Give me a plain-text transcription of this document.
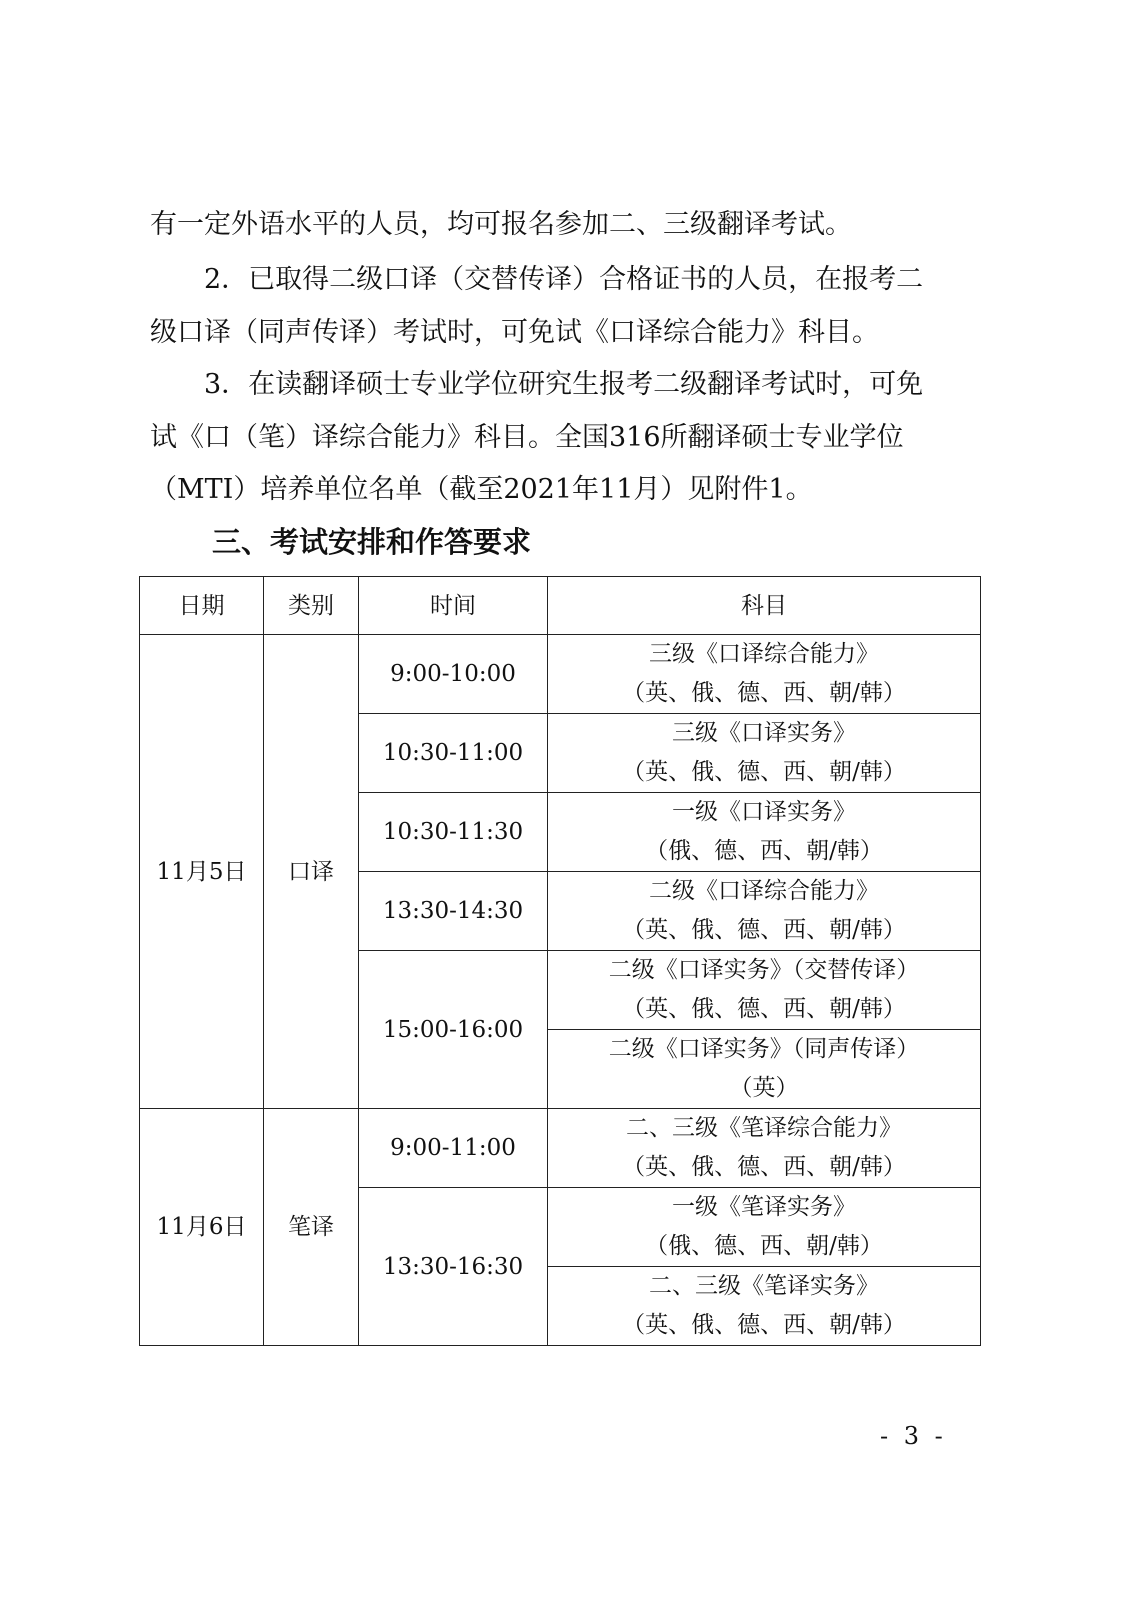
有一定外语水平的人员，均可报名参加二、三级翻译考试。
2．已取得二级口译（交替传译）合格证书的人员，在报考二
级口译（同声传译）考试时，可免试《口译综合能力》科目。
3．在读翻译硕士专业学位研究生报考二级翻译考试时，可免
试《口（笔）译综合能力》科目。全国316所翻译硕士专业学位
（MTI）培养单位名单（截至2021年11月）见附件1。
三、考试安排和作答要求
日期	类别	时间	科目
11月5日	口译	9:00-10:00	三级《口译综合能力》
（英、俄、德、西、朝/韩）

		10:30-11:00	三级《口译实务》
（英、俄、德、西、朝/韩）

		10:30-11:30	一级《口译实务》
（俄、德、西、朝/韩）

		13:30-14:30	二级《口译综合能力》
（英、俄、德、西、朝/韩）

		15:00-16:00	二级《口译实务》（交替传译）
（英、俄、德、西、朝/韩）

			二级《口译实务》（同声传译）
（英）

11月6日	笔译	9:00-11:00	二、三级《笔译综合能力》
（英、俄、德、西、朝/韩）

		13:30-16:30	一级《笔译实务》
（俄、德、西、朝/韩）

			二、三级《笔译实务》
（英、俄、德、西、朝/韩）
- 3 -
